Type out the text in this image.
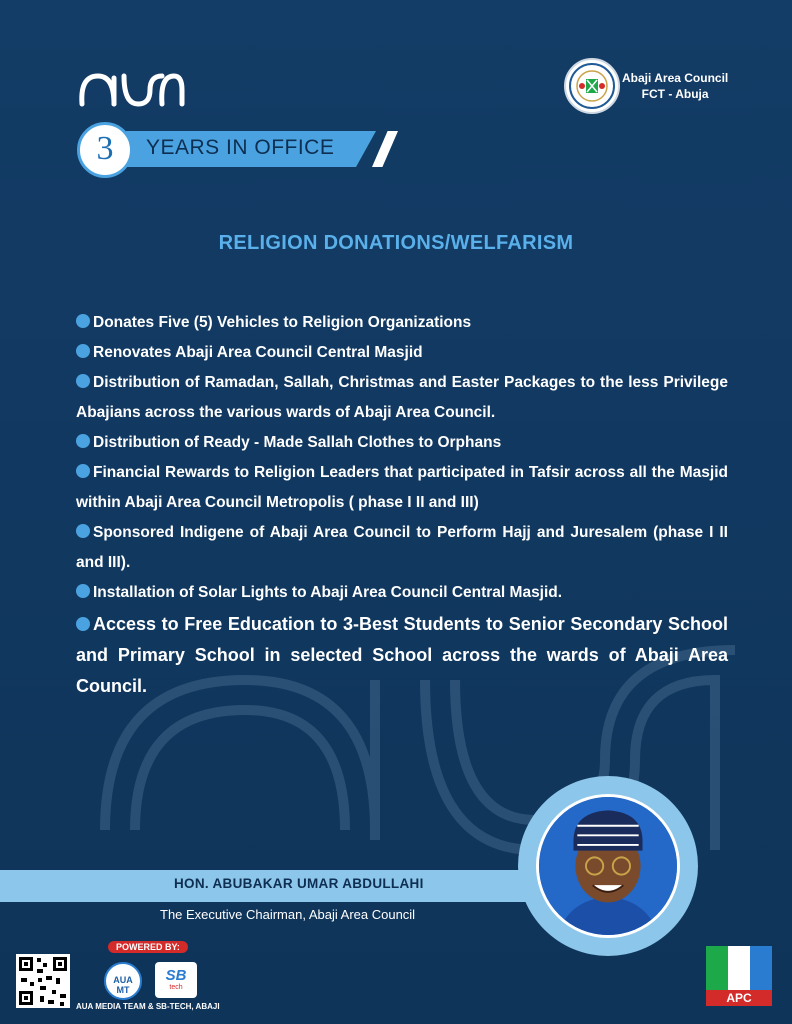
YEARS IN OFFICE
3
Abaji Area Council
FCT - Abuja
RELIGION DONATIONS/WELFARISM
Donates Five (5) Vehicles to Religion Organizations
Renovates Abaji Area Council Central Masjid
Distribution of Ramadan, Sallah, Christmas and Easter Packages to the less Privilege Abajians across the various wards of Abaji Area Council.
Distribution of Ready - Made Sallah Clothes to Orphans
Financial Rewards to Religion Leaders that participated in Tafsir across all the Masjid within Abaji Area Council Metropolis ( phase I II and III)
Sponsored Indigene of Abaji Area Council to Perform Hajj and Juresalem (phase I II and III).
Installation of Solar Lights to Abaji Area Council Central Masjid.
Access to Free Education to 3-Best Students to Senior Secondary School and Primary School in selected School across the wards of Abaji Area Council.
HON. ABUBAKAR UMAR ABDULLAHI
The Executive Chairman, Abaji Area Council
POWERED BY:
AUA MT
SB
tech
AUA MEDIA TEAM & SB-TECH, ABAJI
APC
